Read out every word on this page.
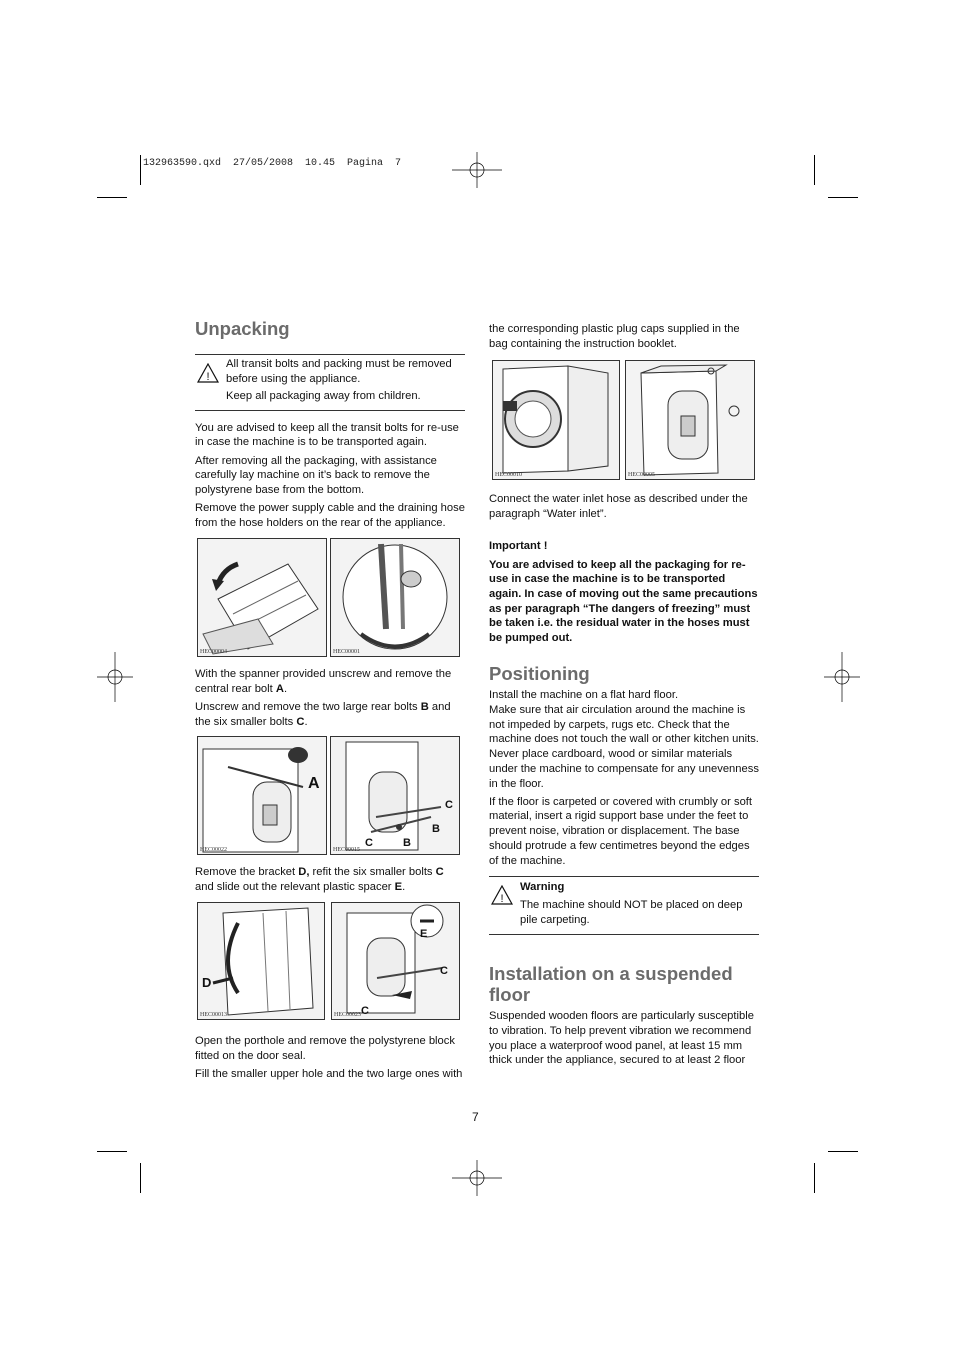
132963590.qxd  27/05/2008  10.45  Pagina  7
Unpacking
!

All transit bolts and packing must be removed before using the appliance.

Keep all packaging away from children.

You are advised to keep all the transit bolts for re-use in case the machine is to be transported again.

After removing all the packaging, with assistance carefully lay machine on it’s back to remove the polystyrene base from the bottom.

Remove the power supply cable and the draining hose from the hose holders on the rear of the appliance.

HEC00004	HEC00001

With the spanner provided unscrew and remove the central rear bolt A.

Unscrew and remove the two large rear bolts B and the six smaller bolts C.

A
HEC00022
C
B
C	B
HEC00015

Remove the bracket D, refit the six smaller bolts C and slide out the relevant plastic spacer E.

D
HEC00013
E
C
C
HEC00023

Open the porthole and remove the polystyrene block fitted on the door seal.

Fill the smaller upper hole and the two large ones with

the corresponding plastic plug caps supplied in the bag containing the instruction booklet.

HEC00010	HEC00005

Connect the water inlet hose as described under the paragraph “Water inlet”.

Important !

You are advised to keep all the packaging for re-use in case the machine is to be transported again. In case of moving out the same precautions as per paragraph “The dangers of freezing” must be taken i.e. the residual water in the hoses must be pumped out.

Positioning

Install the machine on a flat hard floor.

Make sure that air circulation around the machine is not impeded by carpets, rugs etc. Check that the machine does not touch the wall or other kitchen units.

Never place cardboard, wood or similar materials under the machine to compensate for any unevenness in the floor.

If the floor is carpeted or covered with crumbly or soft material, insert a rigid support base under the feet to prevent noise, vibration or displacement. The base should protrude a few centimetres beyond the edges of the machine.

!

Warning

The machine should NOT be placed on deep pile carpeting.

Installation on a suspended floor

Suspended wooden floors are particularly susceptible to vibration. To help prevent vibration we recommend you place a waterproof wood panel, at least 15 mm thick under the appliance, secured to at least 2 floor

7
